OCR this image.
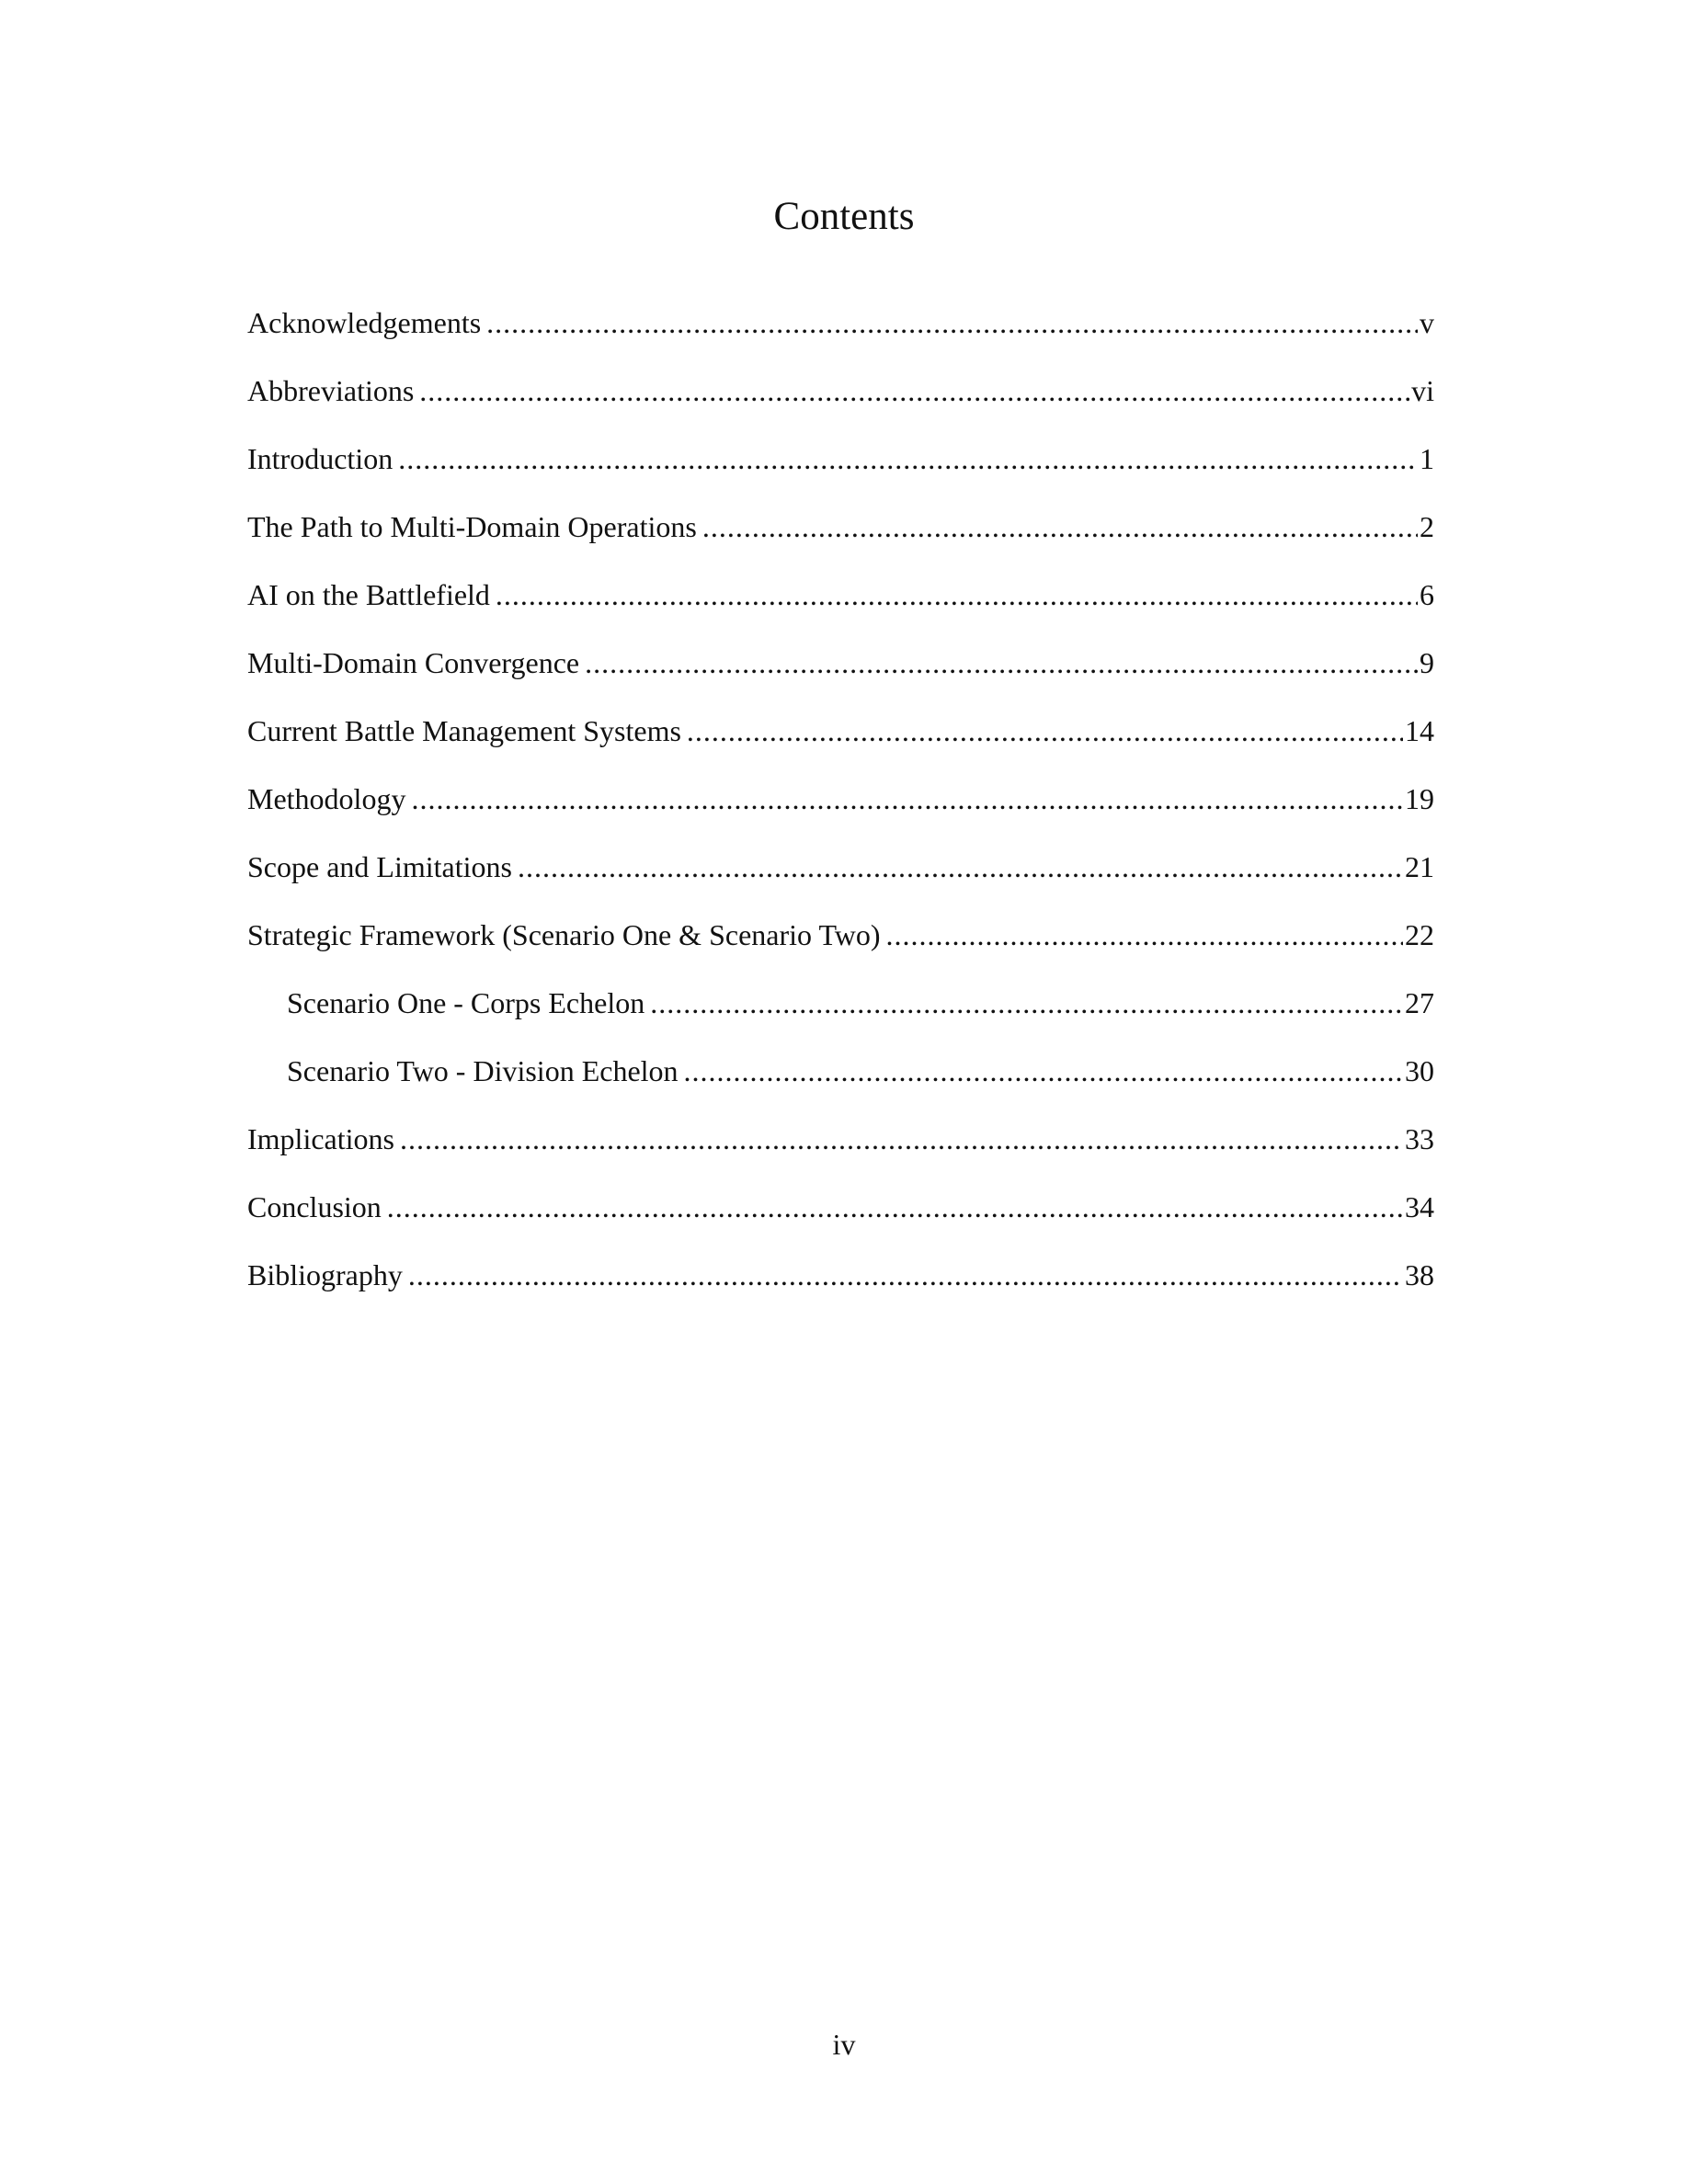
Contents
Acknowledgements .....	v
Abbreviations .....	vi
Introduction .....	1
The Path to Multi-Domain Operations .....	2
AI on the Battlefield .....	6
Multi-Domain Convergence .....	9
Current Battle Management Systems .....	14
Methodology .....	19
Scope and Limitations .....	21
Strategic Framework (Scenario One & Scenario Two) .....	22
Scenario One - Corps Echelon .....	27
Scenario Two - Division Echelon .....	30
Implications .....	33
Conclusion .....	34
Bibliography .....	38
iv
